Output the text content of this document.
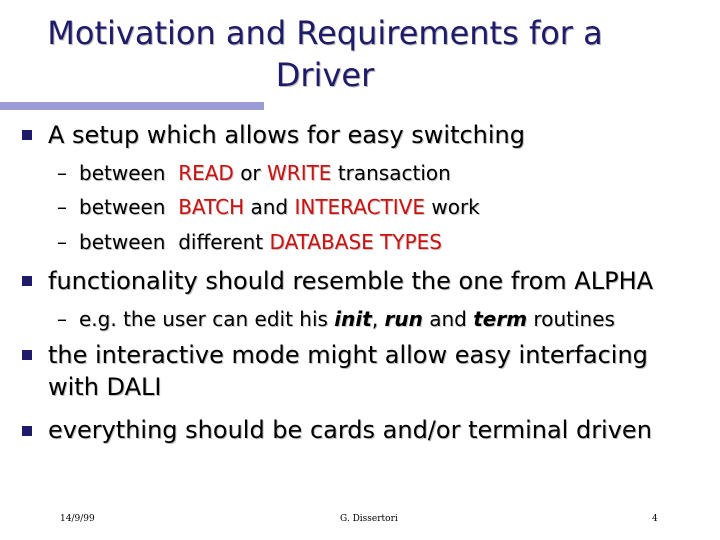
Motivation and Requirements for a
Driver
A setup which allows for easy switching
– between READ or WRITE transaction
– between BATCH and INTERACTIVE work
– between different DATABASE TYPES
functionality should resemble the one from ALPHA
– e.g. the user can edit his init, run and term routines
the interactive mode might allow easy interfacing
with DALI
everything should be cards and/or terminal driven
14/9/99	G. Dissertori	4
